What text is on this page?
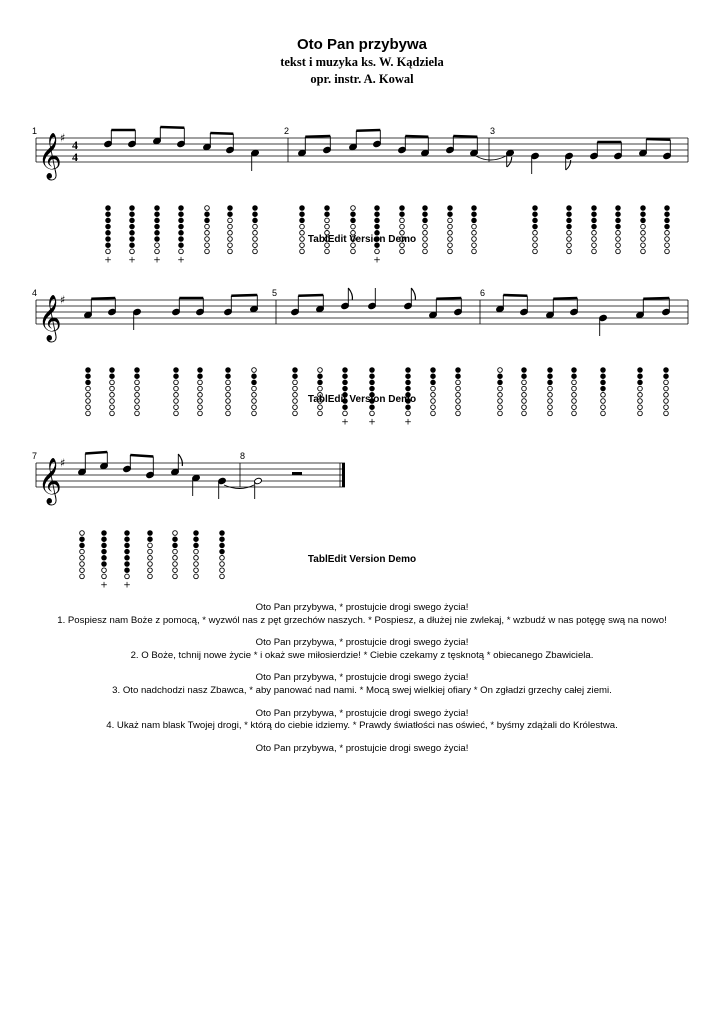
Oto Pan przybywa
tekst i muzyka ks. W. Kądziela
opr. instr. A. Kowal
𝄞
♯ 4
4
1	2	3
+ + + +	+
TablEdit Version Demo
𝄞
♯
4	5	6
+ +	+
TablEdit Version Demo
𝄞
♯
7	8
+ +
TablEdit Version Demo
Oto Pan przybywa, * prostujcie drogi swego życia!
1. Pospiesz nam Boże z pomocą, * wyzwól nas z pęt grzechów naszych. * Pospiesz, a dłużej nie zwlekaj, * wzbudź w nas potęgę swą na nowo!
Oto Pan przybywa, * prostujcie drogi swego życia!
2. O Boże, tchnij nowe życie * i okaż swe miłosierdzie! * Ciebie czekamy z tęsknotą * obiecanego Zbawiciela.
Oto Pan przybywa, * prostujcie drogi swego życia!
3. Oto nadchodzi nasz Zbawca, * aby panować nad nami. * Mocą swej wielkiej ofiary * On zgładzi grzechy całej ziemi.
Oto Pan przybywa, * prostujcie drogi swego życia!
4. Ukaż nam blask Twojej drogi, * którą do ciebie idziemy. * Prawdy światłości nas oświeć, * byśmy zdążali do Królestwa.
Oto Pan przybywa, * prostujcie drogi swego życia!
